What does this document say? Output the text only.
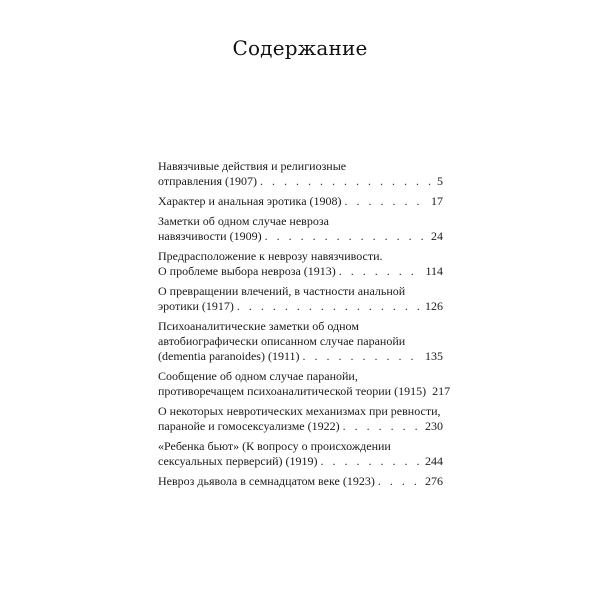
Содержание
Навязчивые действия и религиозные
отправления (1907) . . .	5
Характер и анальная эротика (1908) . . .	17
Заметки об одном случае невроза
навязчивости (1909) . . .	24
Предрасположение к неврозу навязчивости.
О проблеме выбора невроза (1913) . . .	114
О превращении влечений, в частности анальной
эротики (1917) . . .	126
Психоаналитические заметки об одном
автобиографически описанном случае паранойи
(dementia paranoides) (1911) . . .	135
Сообщение об одном случае паранойи,
противоречащем психоаналитической теории (1915) 217
О некоторых невротических механизмах при ревности,
паранойе и гомосексуализме (1922) . . .	230
«Ребенка бьют» (К вопросу о происхождении
сексуальных перверсий) (1919) . . .	244
Невроз дьявола в семнадцатом веке (1923) . . .	276
